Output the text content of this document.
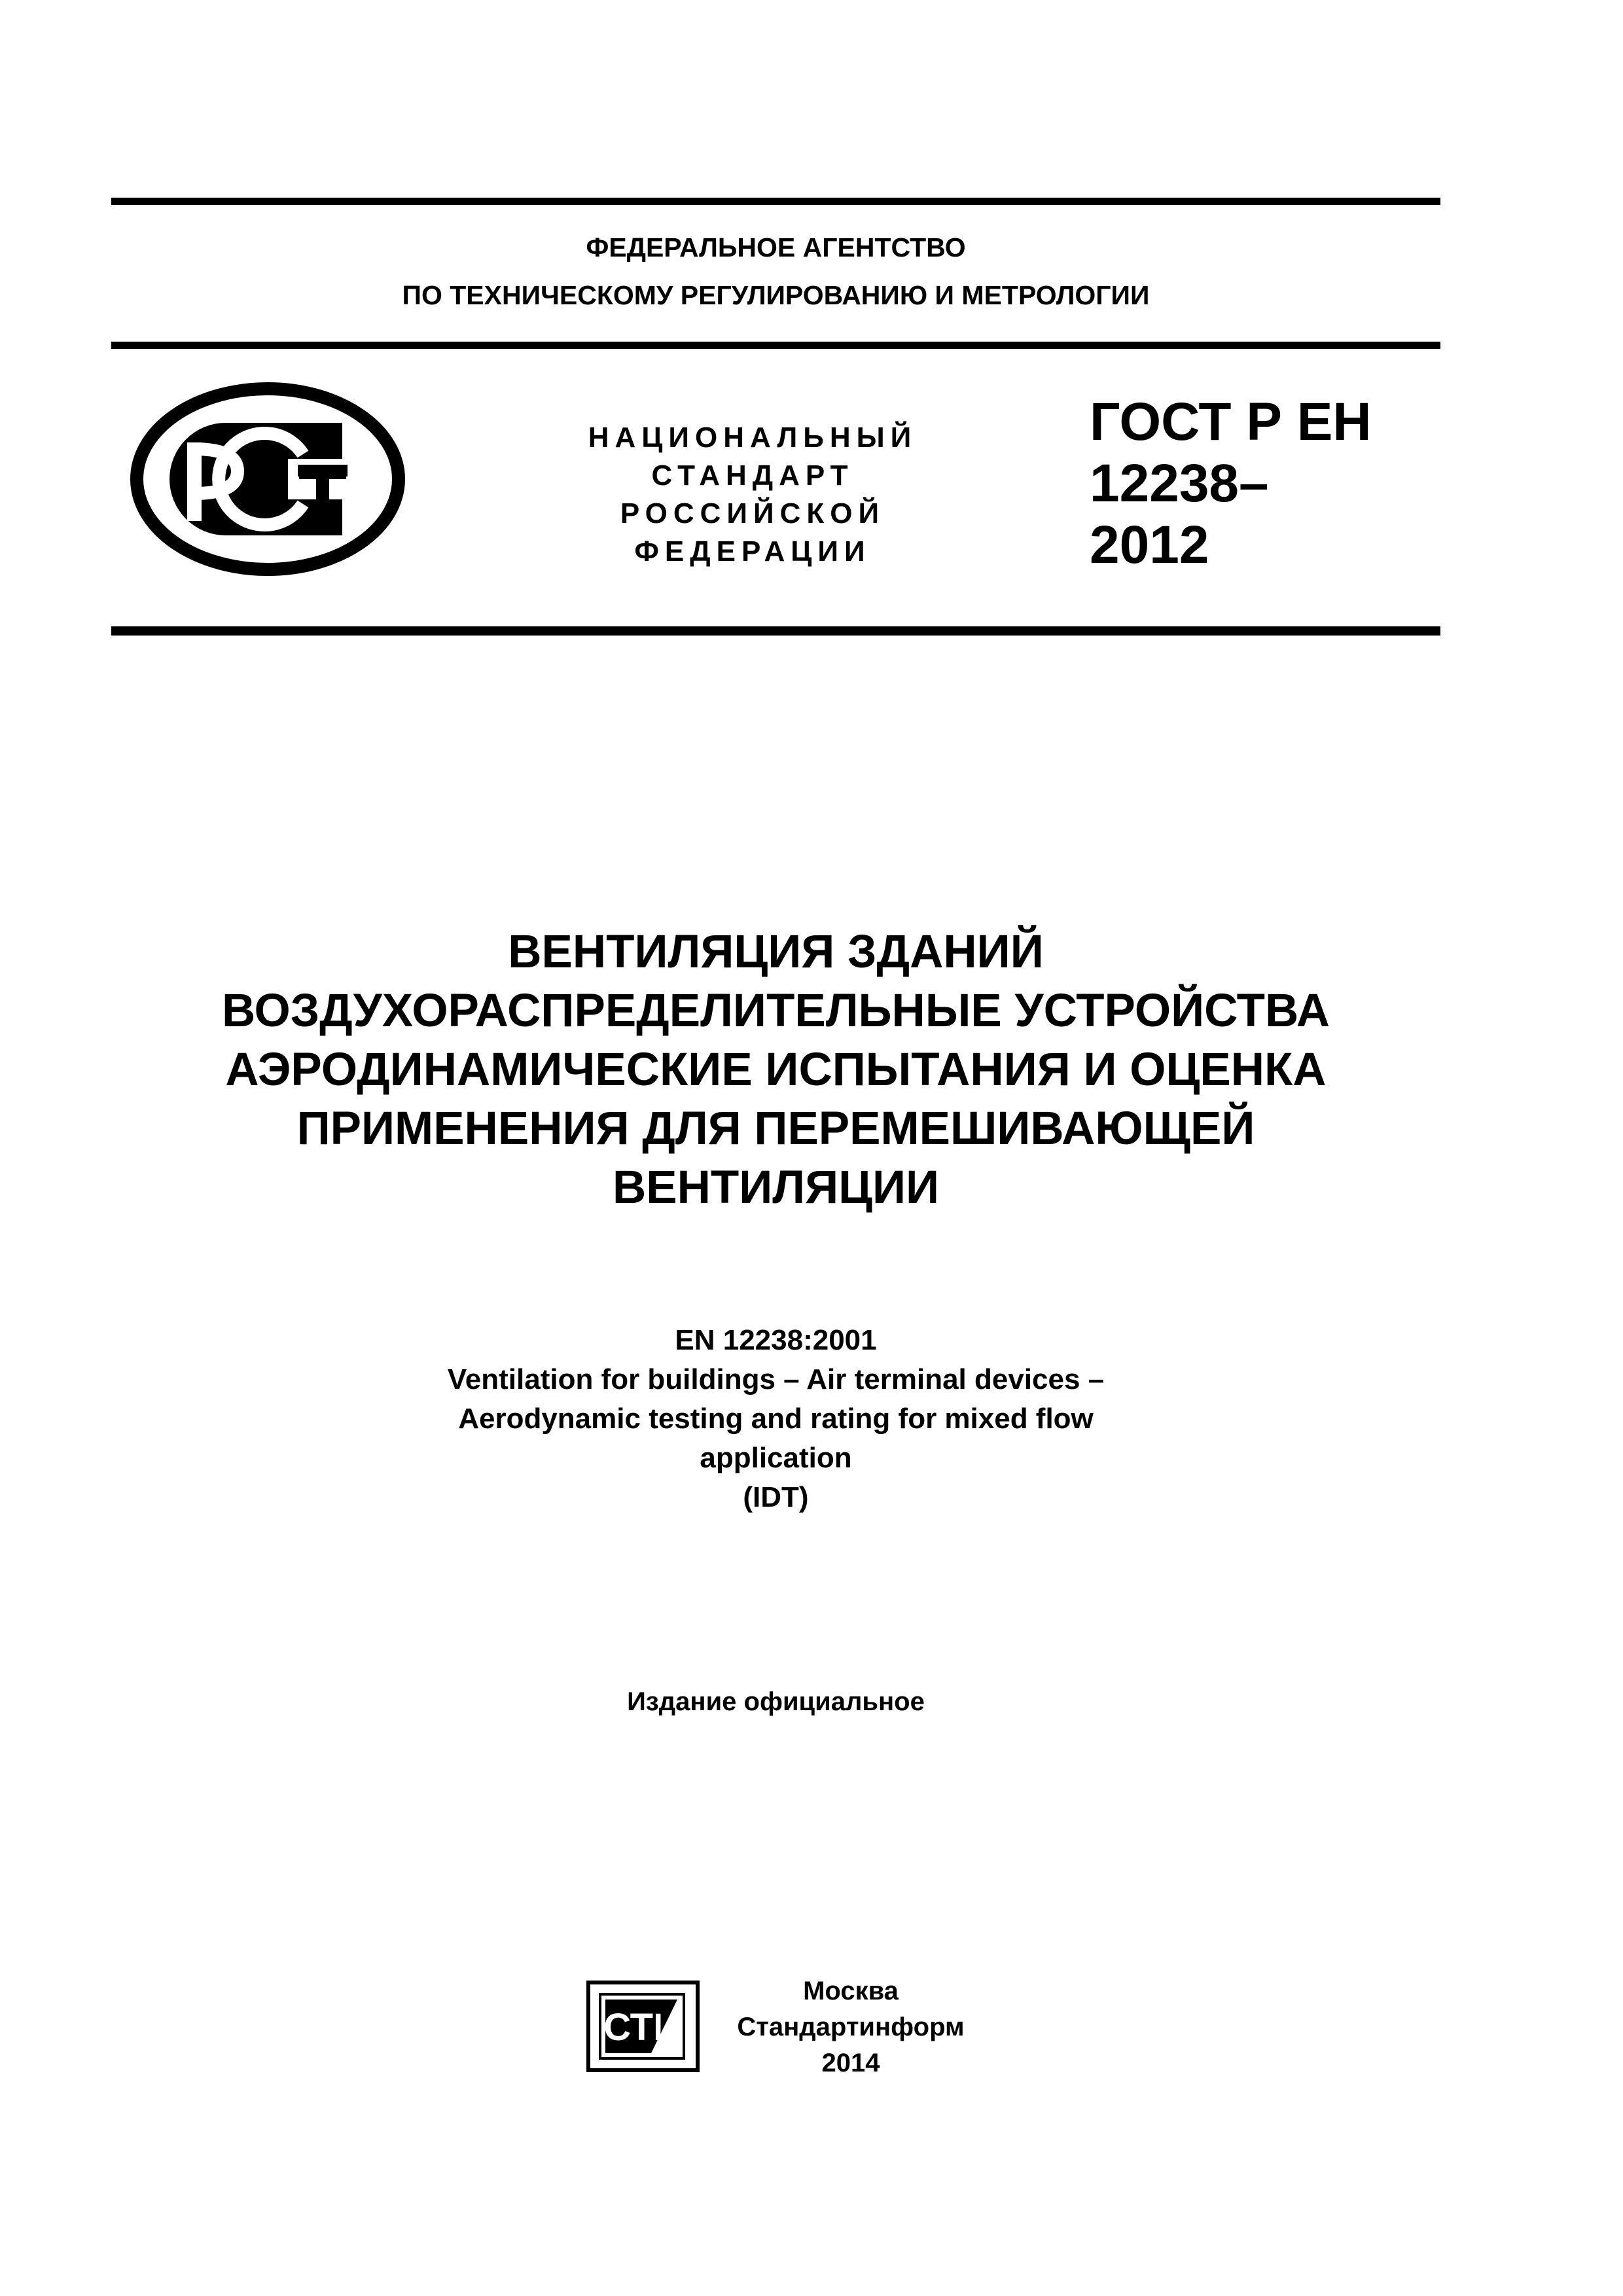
ФЕДЕРАЛЬНОЕ АГЕНТСТВО
ПО ТЕХНИЧЕСКОМУ РЕГУЛИРОВАНИЮ И МЕТРОЛОГИИ
НАЦИОНАЛЬНЫЙ
СТАНДАРТ
РОССИЙСКОЙ
ФЕДЕРАЦИИ
ГОСТ Р ЕН
12238–
2012
ВЕНТИЛЯЦИЯ ЗДАНИЙ
ВОЗДУХОРАСПРЕДЕЛИТЕЛЬНЫЕ УСТРОЙСТВА
АЭРОДИНАМИЧЕСКИЕ ИСПЫТАНИЯ И ОЦЕНКА
ПРИМЕНЕНИЯ ДЛЯ ПЕРЕМЕШИВАЮЩЕЙ
ВЕНТИЛЯЦИИ
EN 12238:2001
Ventilation for buildings – Air terminal devices –
Aerodynamic testing and rating for mixed flow
application
(IDT)
Издание официальное
СТИ
Москва
Стандартинформ
2014
